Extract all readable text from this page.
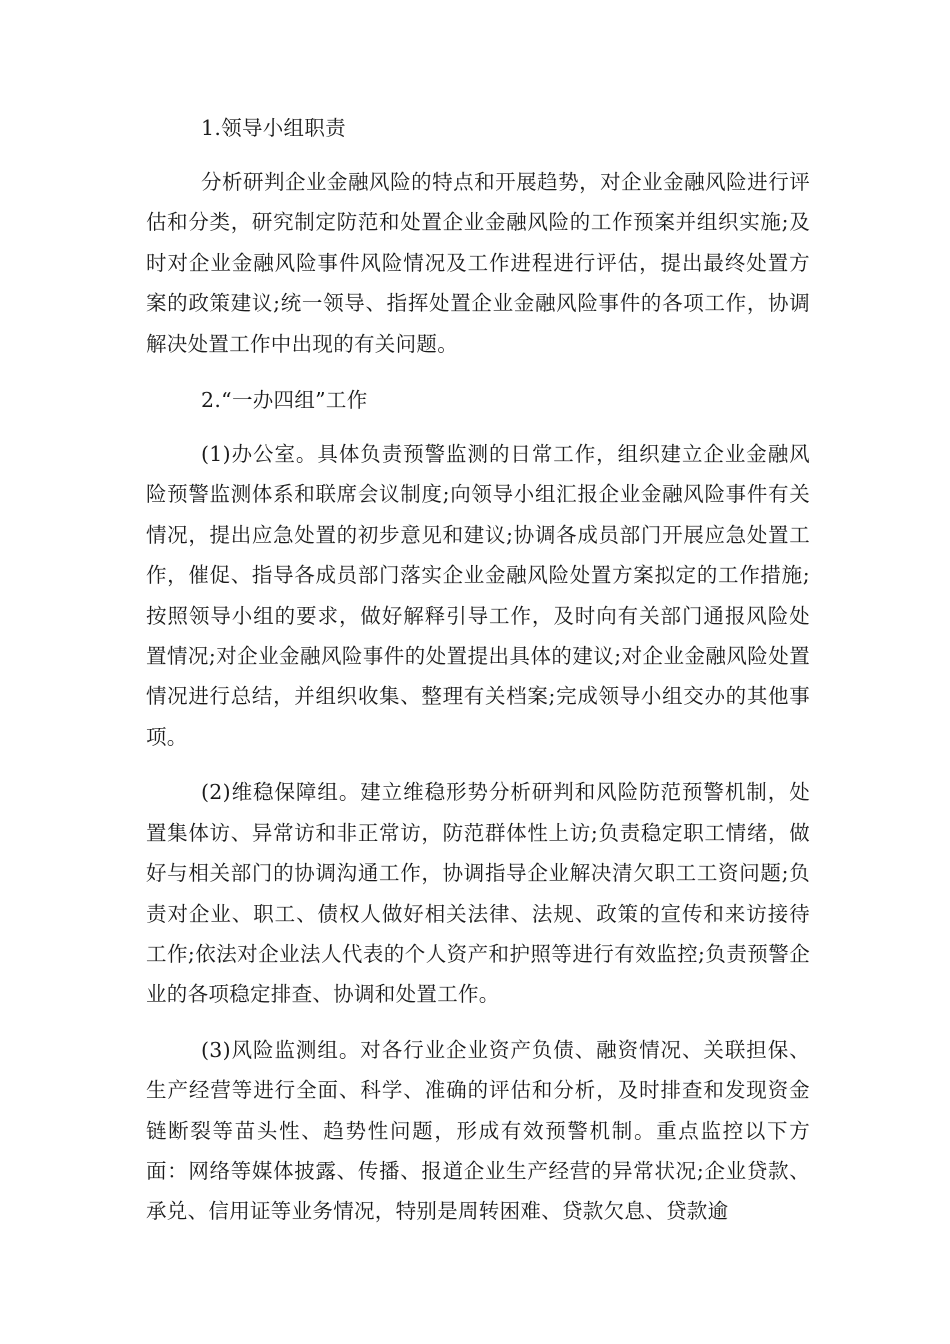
1.领导小组职责

分析研判企业金融风险的特点和开展趋势，对企业金融风险进行评估和分类，研究制定防范和处置企业金融风险的工作预案并组织实施;及时对企业金融风险事件风险情况及工作进程进行评估，提出最终处置方案的政策建议;统一领导、指挥处置企业金融风险事件的各项工作，协调解决处置工作中出现的有关问题。

2.“一办四组”工作

(1)办公室。具体负责预警监测的日常工作，组织建立企业金融风险预警监测体系和联席会议制度;向领导小组汇报企业金融风险事件有关情况，提出应急处置的初步意见和建议;协调各成员部门开展应急处置工作，催促、指导各成员部门落实企业金融风险处置方案拟定的工作措施;按照领导小组的要求，做好解释引导工作，及时向有关部门通报风险处置情况;对企业金融风险事件的处置提出具体的建议;对企业金融风险处置情况进行总结，并组织收集、整理有关档案;完成领导小组交办的其他事项。

(2)维稳保障组。建立维稳形势分析研判和风险防范预警机制，处置集体访、异常访和非正常访，防范群体性上访;负责稳定职工情绪，做好与相关部门的协调沟通工作，协调指导企业解决清欠职工工资问题;负责对企业、职工、债权人做好相关法律、法规、政策的宣传和来访接待工作;依法对企业法人代表的个人资产和护照等进行有效监控;负责预警企业的各项稳定排查、协调和处置工作。

(3)风险监测组。对各行业企业资产负债、融资情况、关联担保、生产经营等进行全面、科学、准确的评估和分析，及时排查和发现资金链断裂等苗头性、趋势性问题，形成有效预警机制。重点监控以下方面：网络等媒体披露、传播、报道企业生产经营的异常状况;企业贷款、承兑、信用证等业务情况，特别是周转困难、贷款欠息、贷款逾
